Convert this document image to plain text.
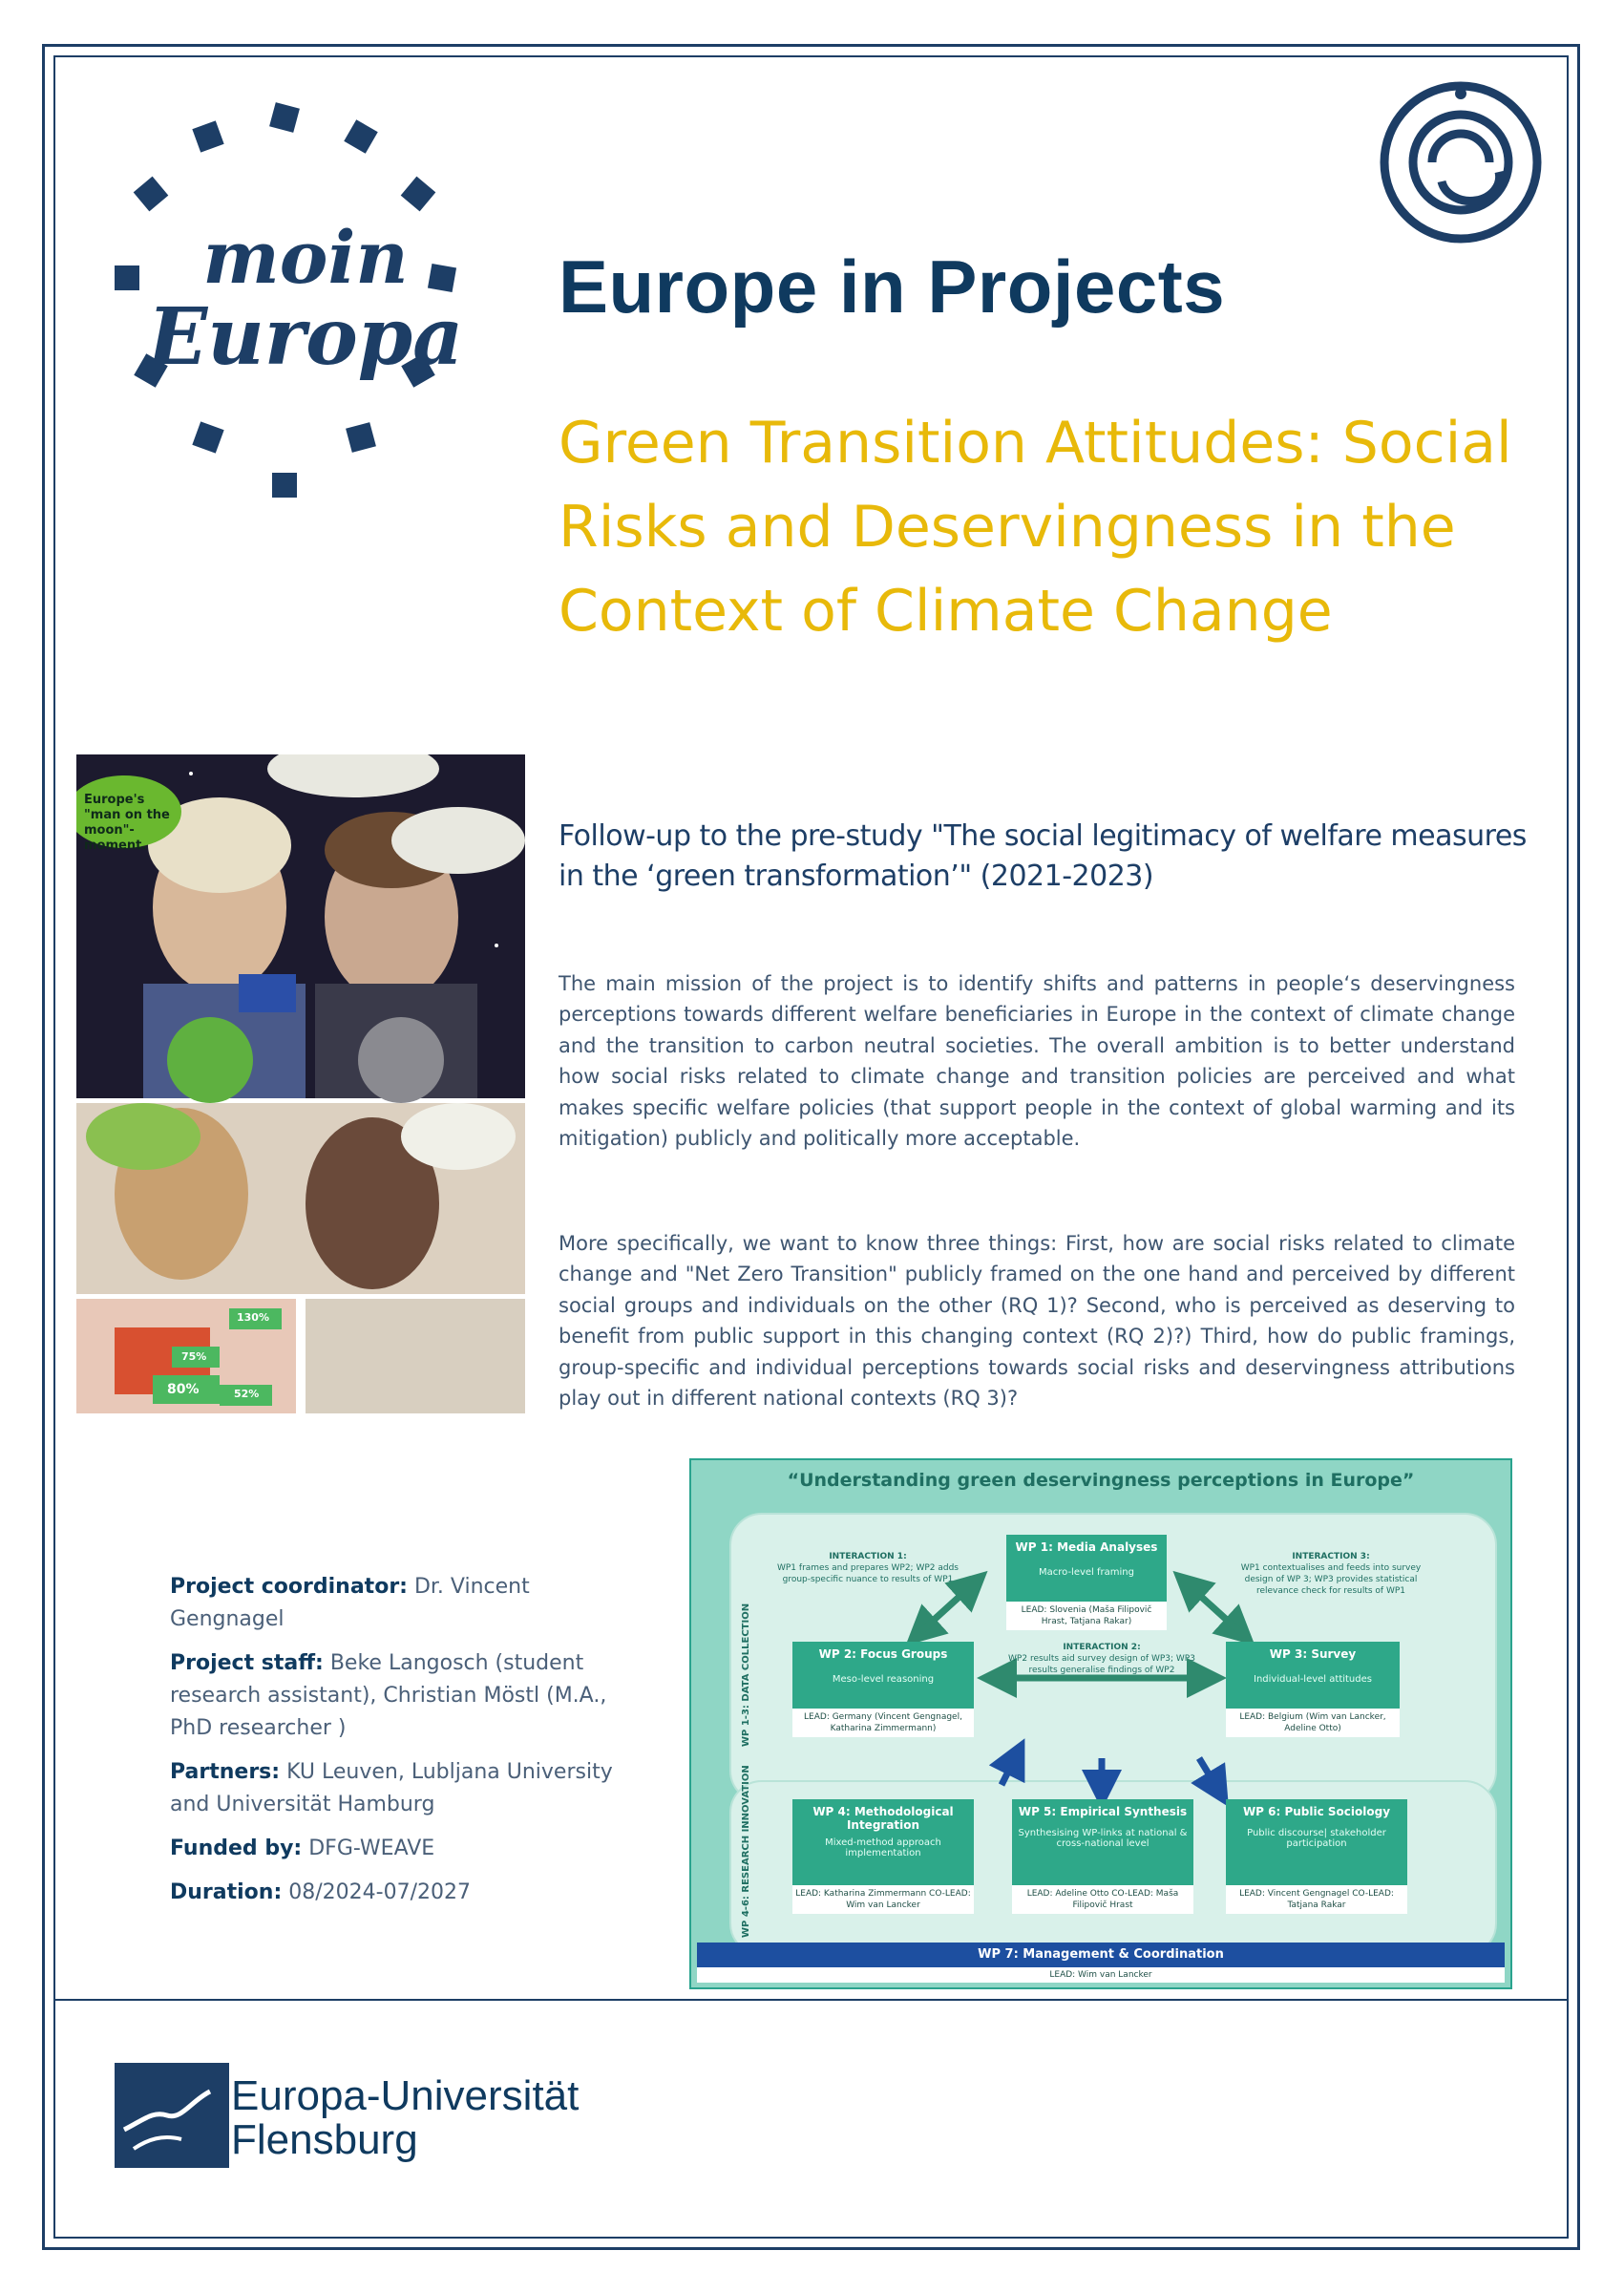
moin
Europa
Europe in Projects
Green Transition Attitudes: Social Risks and Deservingness in the Context of Climate Change
Europe's "man on the moon"-moment.
130%
80%	52%
75%
Follow-up to the pre-study "The social legitimacy of welfare measures in the ‘green transformation’" (2021-2023)
The main mission of the project is to identify shifts and patterns in people‘s deservingness perceptions towards different welfare beneficiaries in Europe in the context of climate change and the transition to carbon neutral societies. The overall ambition is to better understand how social risks related to climate change and transition policies are perceived and what makes specific welfare policies (that support people in the context of global warming and its mitigation) publicly and politically more acceptable.
More specifically, we want to know three things: First, how are social risks related to climate change and "Net Zero Transition" publicly framed on the one hand and perceived by different social groups and individuals on the other (RQ 1)? Second, who is perceived as deserving to benefit from public support in this changing context (RQ 2)?) Third, how do public framings, group-specific and individual perceptions towards social risks and deservingness attributions play out in different national contexts (RQ 3)?
Project coordinator: Dr. Vincent Gengnagel
Project staff: Beke Langosch (student research assistant), Christian Möstl (M.A., PhD researcher )
Partners: KU Leuven, Lubljana University and Universität Hamburg
Funded by: DFG-WEAVE
Duration: 08/2024-07/2027
“Understanding green deservingness perceptions in Europe”
WP 1-3: DATA COLLECTION
WP 4-6: RESEARCH INNOVATION
WP 1: Media Analyses
Macro-level framing
LEAD: Slovenia (Maša Filipovič Hrast, Tatjana Rakar)
WP 2: Focus Groups
Meso-level reasoning
LEAD: Germany (Vincent Gengnagel, Katharina Zimmermann)
WP 3: Survey
Individual-level attitudes
LEAD: Belgium (Wim van Lancker, Adeline Otto)
INTERACTION 1:
WP1 frames and prepares WP2; WP2 adds group-specific nuance to results of WP1
INTERACTION 2:
WP2 results aid survey design of WP3; WP3 results generalise findings of WP2
INTERACTION 3:
WP1 contextualises and feeds into survey design of WP 3; WP3 provides statistical relevance check for results of WP1
WP 4: Methodological Integration
Mixed-method approach implementation
LEAD: Katharina Zimmermann CO-LEAD: Wim van Lancker
WP 5: Empirical Synthesis
Synthesising WP-links at national & cross-national level
LEAD: Adeline Otto CO-LEAD: Maša Filipovič Hrast
WP 6: Public Sociology
Public discourse| stakeholder participation
LEAD: Vincent Gengnagel CO-LEAD: Tatjana Rakar
WP 7: Management & Coordination
LEAD: Wim van Lancker
Europa-Universität
Flensburg
